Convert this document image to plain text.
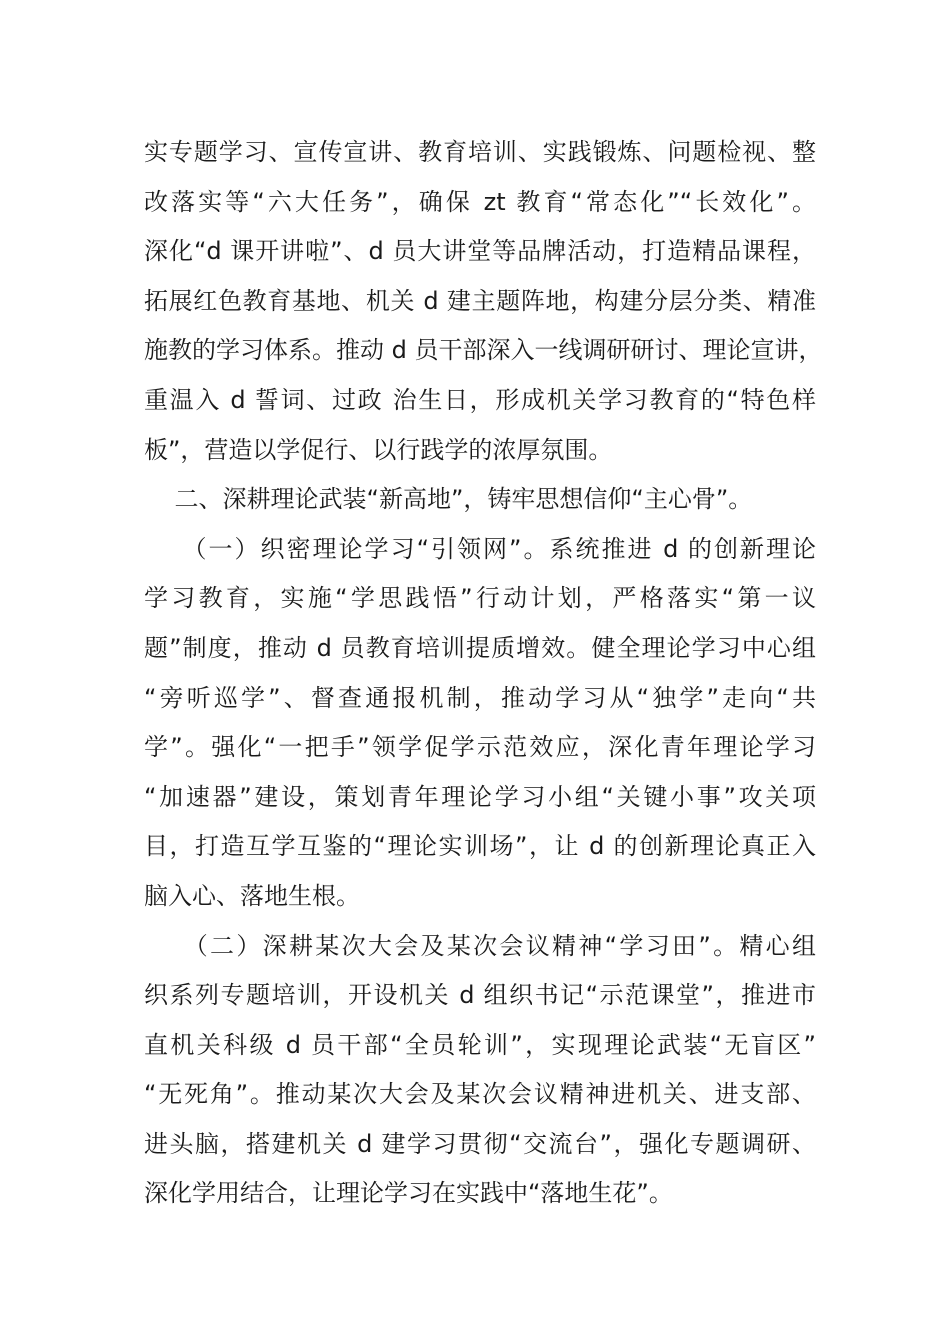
实专题学习、宣传宣讲、教育培训、实践锻炼、问题检视、整
改落实等“六大任务”，确保 zt 教育“常态化”“长效化”。
深化“d 课开讲啦”、d 员大讲堂等品牌活动，打造精品课程，
拓展红色教育基地、机关 d 建主题阵地，构建分层分类、精准
施教的学习体系。推动 d 员干部深入一线调研研讨、理论宣讲，
重温入 d 誓词、过政 治生日，形成机关学习教育的“特色样
板”，营造以学促行、以行践学的浓厚氛围。
二、深耕理论武装“新高地”，铸牢思想信仰“主心骨”。
（一）织密理论学习“引领网”。系统推进 d 的创新理论
学习教育，实施“学思践悟”行动计划，严格落实“第一议
题”制度，推动 d 员教育培训提质增效。健全理论学习中心组
“旁听巡学”、督查通报机制，推动学习从“独学”走向“共
学”。强化“一把手”领学促学示范效应，深化青年理论学习
“加速器”建设，策划青年理论学习小组“关键小事”攻关项
目，打造互学互鉴的“理论实训场”，让 d 的创新理论真正入
脑入心、落地生根。
（二）深耕某次大会及某次会议精神“学习田”。精心组
织系列专题培训，开设机关 d 组织书记“示范课堂”，推进市
直机关科级 d 员干部“全员轮训”，实现理论武装“无盲区”
“无死角”。推动某次大会及某次会议精神进机关、进支部、
进头脑，搭建机关 d 建学习贯彻“交流台”，强化专题调研、
深化学用结合，让理论学习在实践中“落地生花”。
